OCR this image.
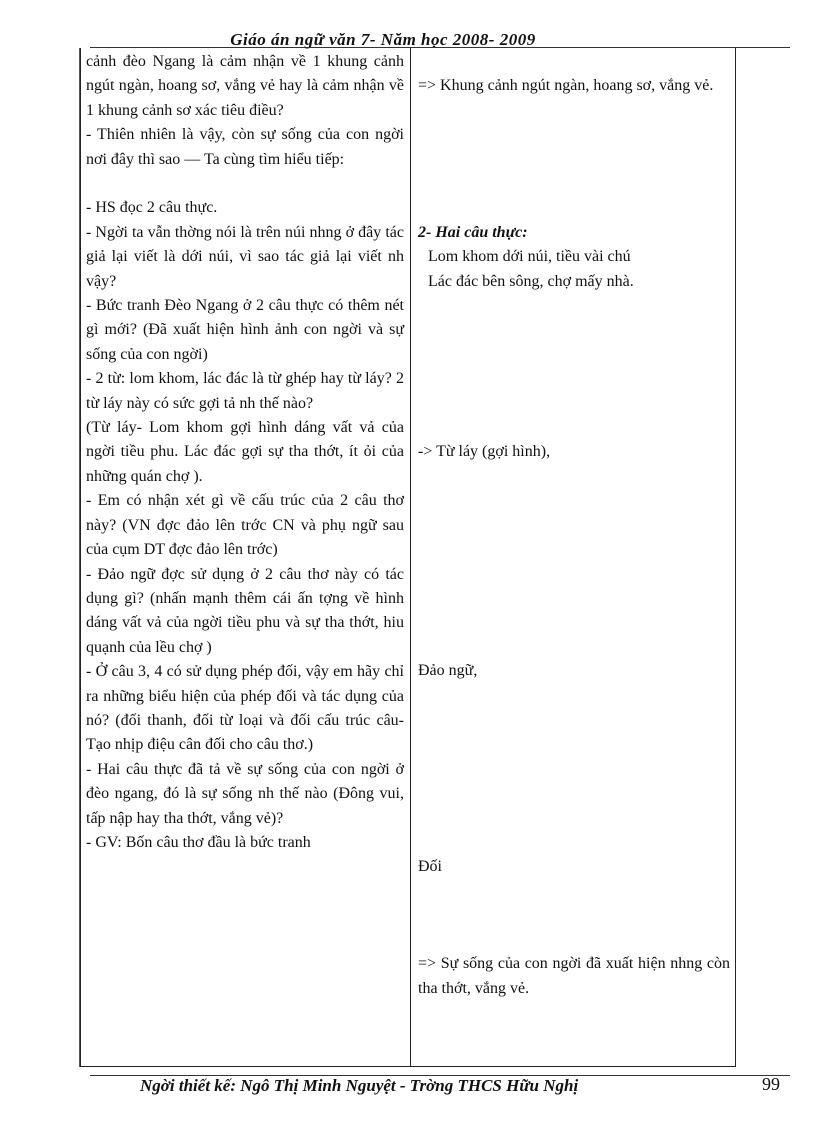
Giáo án ngữ văn 7- Năm học 2008- 2009

cảnh đèo Ngang là cảm nhận về 1 khung cảnh ngút ngàn, hoang sơ, vắng vẻ hay là cảm nhận về 1 khung cảnh sơ xác tiêu điều?

- Thiên nhiên là vậy, còn sự sống của con ngời nơi đây thì sao — Ta cùng tìm hiểu tiếp:

- HS đọc 2 câu thực.

- Ngời ta vẫn thờng nói là trên núi nhng ở đây tác giả lại viết là dới núi, vì sao tác giả lại viết nh vậy?

- Bức tranh Đèo Ngang ở 2 câu thực có thêm nét gì mới? (Đã xuất hiện hình ảnh con ngời và sự sống của con ngời)

- 2 từ: lom khom, lác đác là từ ghép hay từ láy? 2 từ láy này có sức gợi tả nh thế nào?

(Từ láy- Lom khom gợi hình dáng vất vả của ngời tiều phu. Lác đác gợi sự tha thớt, ít ỏi của những quán chợ ).

- Em có nhận xét gì về cấu trúc của 2 câu thơ này? (VN đợc đảo lên trớc CN và phụ ngữ sau của cụm DT đợc đảo lên trớc)

- Đảo ngữ đợc sử dụng ở 2 câu thơ này có tác dụng gì? (nhấn mạnh thêm cái ấn tợng về hình dáng vất vả của ngời tiều phu và sự tha thớt, hiu quạnh của lều chợ )

- Ở câu 3, 4 có sử dụng phép đối, vậy em hãy chỉ ra những biểu hiện của phép đối và tác dụng của nó? (đối thanh, đối từ loại và đối cấu trúc câu-Tạo nhịp điệu cân đối cho câu thơ.)

- Hai câu thực đã tả về sự sống của con ngời ở đèo ngang, đó là sự sống nh thế nào (Đông vui, tấp nập hay tha thớt, vắng vẻ)?

- GV: Bốn câu thơ đầu là bức tranh

=> Khung cảnh ngút ngàn, hoang sơ, vắng vẻ.

2- Hai câu thực:

Lom khom dới núi, tiều vài chú

Lác đác bên sông, chợ mấy nhà.

-> Từ láy (gợi hình),

Đảo ngữ,

Đối

=> Sự sống của con ngời đã xuất hiện nhng còn tha thớt, vắng vẻ.

Ngời thiết kế: Ngô Thị Minh Nguyệt - Trờng THCS Hữu Nghị	99
